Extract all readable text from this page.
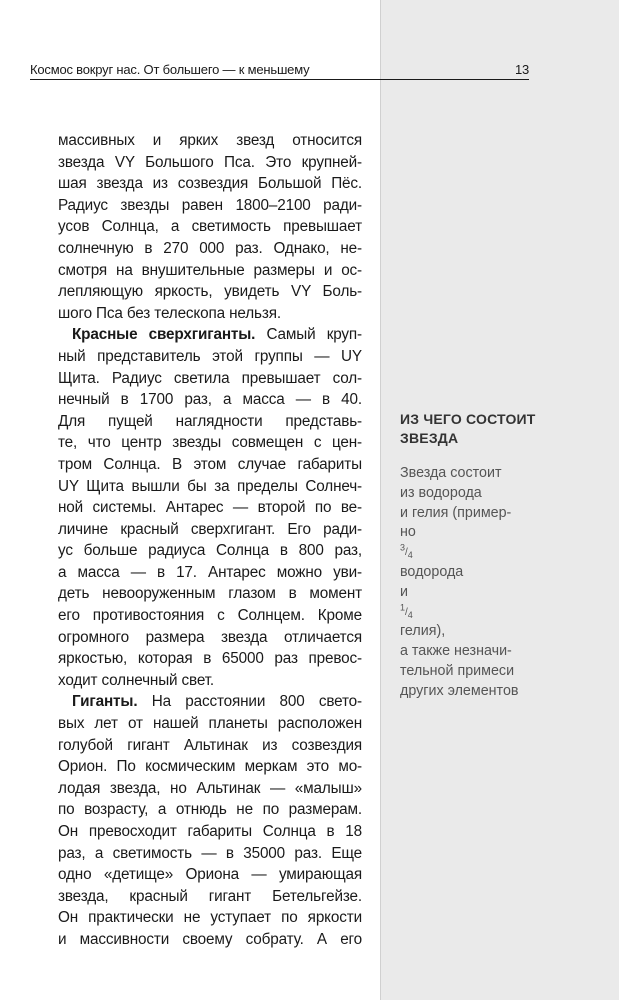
Космос вокруг нас. От большего — к меньшему	13
массивных и ярких звезд относится
звезда VY Большого Пса. Это крупней-
шая звезда из созвездия Большой Пёс.
Радиус звезды равен 1800–2100 ради-
усов Солнца, а светимость превышает
солнечную в 270 000 раз. Однако, не-
смотря на внушительные размеры и ос-
лепляющую яркость, увидеть VY Боль-
шого Пса без телескопа нельзя.
Красные сверхгиганты. Самый круп-
ный представитель этой группы — UY
Щита. Радиус светила превышает сол-
нечный в 1700 раз, а масса — в 40.
Для пущей наглядности представь-
те, что центр звезды совмещен с цен-
тром Солнца. В этом случае габариты
UY Щита вышли бы за пределы Солнеч-
ной системы. Антарес — второй по ве-
личине красный сверхгигант. Его ради-
ус больше радиуса Солнца в 800 раз,
а масса — в 17. Антарес можно уви-
деть невооруженным глазом в момент
его противостояния с Солнцем. Кроме
огромного размера звезда отличается
яркостью, которая в 65000 раз превос-
ходит солнечный свет.
Гиганты. На расстоянии 800 свето-
вых лет от нашей планеты расположен
голубой гигант Альтинак из созвездия
Орион. По космическим меркам это мо-
лодая звезда, но Альтинак — «малыш»
по возрасту, а отнюдь не по размерам.
Он превосходит габариты Солнца в 18
раз, а светимость — в 35000 раз. Еще
одно «детище» Ориона — умирающая
звезда, красный гигант Бетельгейзе.
Он практически не уступает по яркости
и массивности своему собрату. А его
ИЗ ЧЕГО СОСТОИТ
ЗВЕЗДА
Звезда состоит
из водорода
и гелия (пример-
но
$^3/_4$
водорода
и
$^1/_4$
гелия),
а также незначи-
тельной примеси
других элементов
